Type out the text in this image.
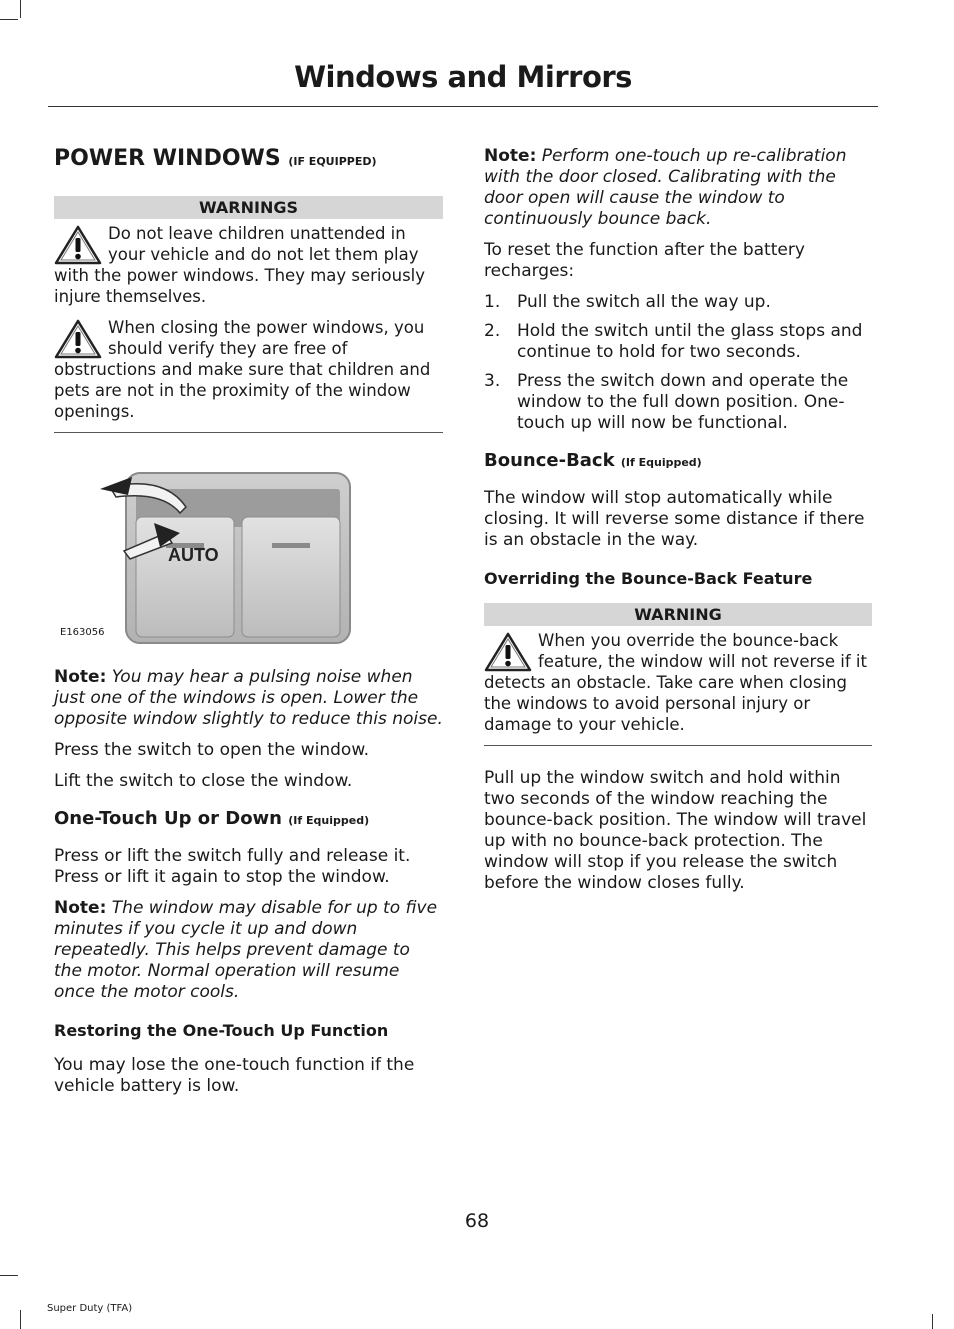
Windows and Mirrors
POWER WINDOWS (IF EQUIPPED)
WARNINGS
Do not leave children unattended in your vehicle and do not let them play with the power windows. They may seriously injure themselves.
When closing the power windows, you should verify they are free of obstructions and make sure that children and pets are not in the proximity of the window openings.
AUTO
E163056

Note: You may hear a pulsing noise when just one of the windows is open. Lower the opposite window slightly to reduce this noise.

Press the switch to open the window.

Lift the switch to close the window.

One-Touch Up or Down (If Equipped)

Press or lift the switch fully and release it. Press or lift it again to stop the window.

Note: The window may disable for up to five minutes if you cycle it up and down repeatedly. This helps prevent damage to the motor. Normal operation will resume once the motor cools.

Restoring the One-Touch Up Function

You may lose the one-touch function if the vehicle battery is low.

Note: Perform one-touch up re-calibration with the door closed. Calibrating with the door open will cause the window to continuously bounce back.

To reset the function after the battery recharges:

1. Pull the switch all the way up.
2. Hold the switch until the glass stops and continue to hold for two seconds.
3. Press the switch down and operate the window to the full down position. One-touch up will now be functional.
Bounce-Back (If Equipped)

The window will stop automatically while closing. It will reverse some distance if there is an obstacle in the way.

Overriding the Bounce-Back Feature
WARNING
When you override the bounce-back feature, the window will not reverse if it detects an obstacle. Take care when closing the windows to avoid personal injury or damage to your vehicle.

Pull up the window switch and hold within two seconds of the window reaching the bounce-back position. The window will travel up with no bounce-back protection. The window will stop if you release the switch before the window closes fully.

68
Super Duty (TFA)
